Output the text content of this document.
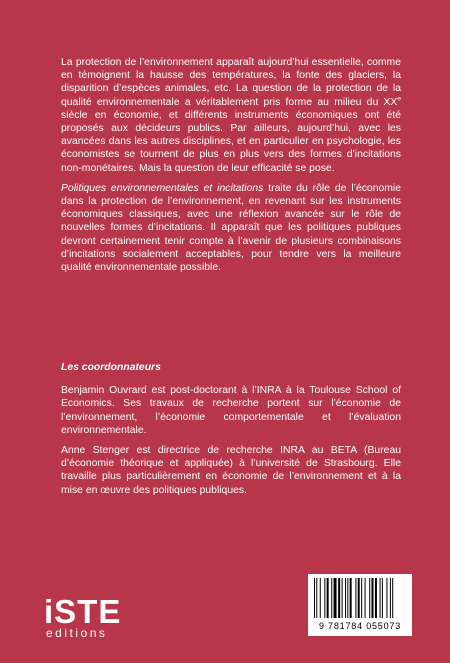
La protection de l’environnement apparaît aujourd’hui essentielle, comme en témoignent la hausse des températures, la fonte des glaciers, la disparition d’espèces animales, etc. La question de la protection de la qualité environnementale a véritablement pris forme au milieu du XXe siècle en économie, et différents instruments économiques ont été proposés aux décideurs publics. Par ailleurs, aujourd’hui, avec les avancées dans les autres disciplines, et en particulier en psychologie, les économistes se tournent de plus en plus vers des formes d’incitations non-monétaires. Mais la question de leur efficacité se pose.

Politiques environnementales et incitations traite du rôle de l’économie dans la protection de l’environnement, en revenant sur les instruments économiques classiques, avec une réflexion avancée sur le rôle de nouvelles formes d’incitations. Il apparaît que les politiques publiques devront certainement tenir compte à l’avenir de plusieurs combinaisons d’incitations socialement acceptables, pour tendre vers la meilleure qualité environnementale possible.

Les coordonnateurs

Benjamin Ouvrard est post-doctorant à l’INRA à la Toulouse School of Economics. Ses travaux de recherche portent sur l’économie de l’environnement, l’économie comportementale et l’évaluation environnementale.

Anne Stenger est directrice de recherche INRA au BETA (Bureau d’économie théorique et appliquée) à l’université de Strasbourg. Elle travaille plus particulièrement en économie de l’environnement et à la mise en œuvre des politiques publiques.

iSTE
editions	9 781784 055073
